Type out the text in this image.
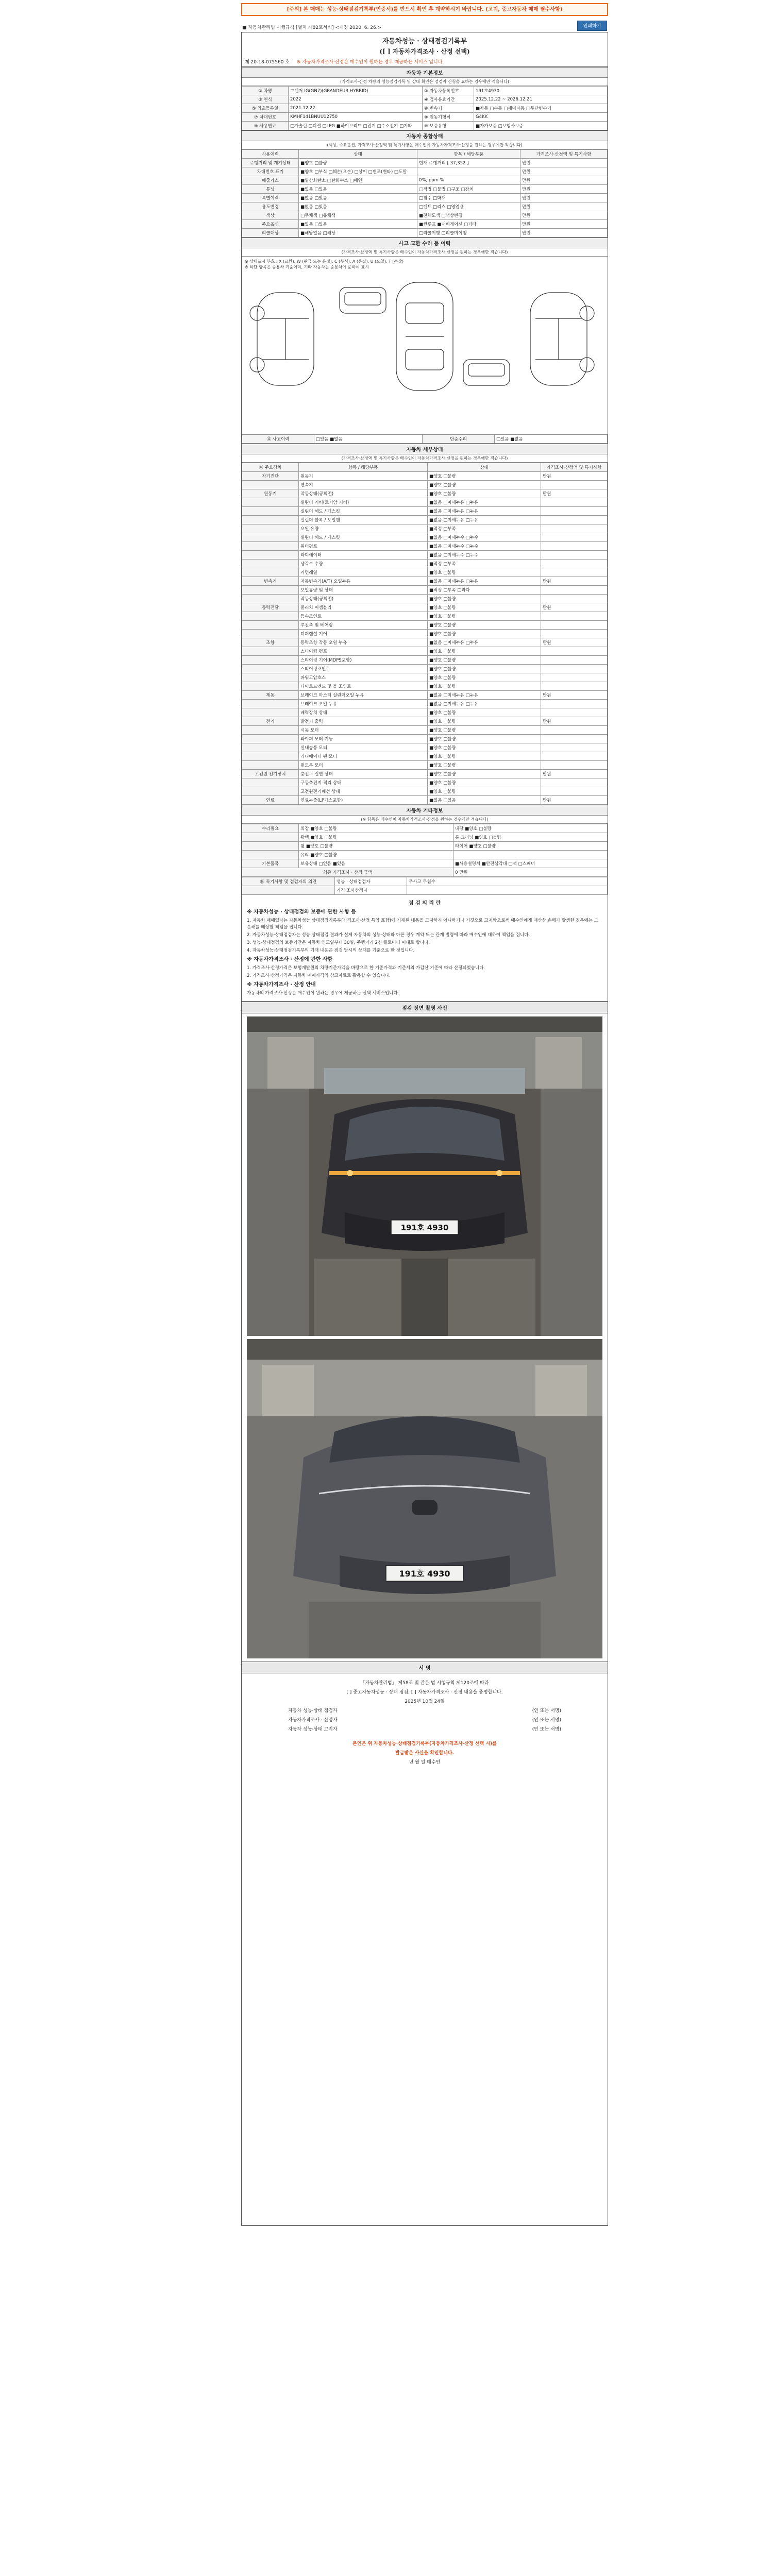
[주의] 본 매매는 성능·상태점검기록부(인증서)를 반드시 확인 후 계약하시기 바랍니다. (고지, 중고자동차 매매 필수사항)
■ 자동차관리법 시행규칙 [별지 제82호서식] <개정 2020. 6. 26.>	인쇄하기
자동차성능 · 상태점검기록부
([ ] 자동차가격조사 · 산정 선택)
제 20-18-075560 호 ※ 자동차가격조사·산정은 매수인이 원하는 경우 제공하는 서비스 입니다.
자동차 기본정보
(가격조사·산정 차량의 성능점검기록 및 상태 확인은 점검자 신청을 요하는 경우에만 적습니다)
① 차명	그랜저 IG(GN7)(GRANDEUR HYBRID)	② 자동차등록번호	191호4930
③ 연식	2022	④ 검사유효기간	2025.12.22 ~ 2026.12.21
⑤ 최초등록일	2021.12.22	⑥ 변속기	■자동 □수동 □세미자동 □무단변속기
⑦ 차대번호	KMHF141BNUU12750	⑧ 원동기형식	G4KK
⑨ 사용연료	□가솔린 □디젤 □LPG ■하이브리드 □전기 □수소전기 □기타	⑩ 보증유형	■자가보증 □보험사보증
자동차 종합상태
(색상, 주요옵션, 가격조사·산정액 및 특기사항은 매수인이 자동차가격조사·산정을 원하는 경우에만 적습니다)
사용이력	상태	항목 / 해당부품	가격조사·산정액 및 특기사항
주행거리 및 계기상태	■양호 □불량	현재 주행거리 [ 37,352 ]	만원
차대번호 표기	■양호 □부식 □훼손(오손) □상이 □변조(변타) □도말		만원
배출가스	■일산화탄소 □탄화수소 □매연	0%, ppm %	만원
튜닝	■없음 □있음	□적법 □불법 □구조 □장치	만원
특별이력	■없음 □있음	□침수 □화재	만원
용도변경	■없음 □있음	□렌트 □리스 □영업용	만원
색상	□무채색 □유채색	■전체도색 □색상변경	만원
주요옵션	■없음 □있음	■썬루프 ■내비게이션 □기타	만원
리콜대상	■해당없음 □해당	□리콜이행 □리콜미이행	만원
사고 교환 수리 등 이력
(가격조사·산정액 및 특기사항은 매수인이 자동차가격조사·산정을 원하는 경우에만 적습니다)
※ 상태표시 부호 : X (교환), W (판금 또는 용접), C (부식), A (흠집), U (요철), T (손상)
※ 하단 항목은 승용차 기준이며, 기타 자동차는 승용차에 준하여 표시
⑫ 사고이력	□있음 ■없음	단순수리	□있음 ■없음
자동차 세부상태
(가격조사·산정액 및 특기사항은 매수인이 자동차가격조사·산정을 원하는 경우에만 적습니다)
⑭ 주요장치	항목 / 해당부품	상태	가격조사·산정액 및 특기사항
자기진단	원동기	■양호 □불량	만원
	변속기	■양호 □불량	
원동기	작동상태(공회전)	■양호 □불량	만원
	실린더 커버(로커암 커버)	■없음 □미세누유 □누유	
	실린더 헤드 / 개스킷	■없음 □미세누유 □누유	
	실린더 블록 / 오일팬	■없음 □미세누유 □누유	
	오일 유량	■적정 □부족	
	실린더 헤드 / 개스킷	■없음 □미세누수 □누수	
	워터펌프	■없음 □미세누수 □누수	
	라디에이터	■없음 □미세누수 □누수	
	냉각수 수량	■적정 □부족	
	커먼레일	■양호 □불량	
변속기	자동변속기(A/T) 오일누유	■없음 □미세누유 □누유	만원
	오일유량 및 상태	■적정 □부족 □과다	
	작동상태(공회전)	■양호 □불량	
동력전달	클러치 어셈블리	■양호 □불량	만원
	등속조인트	■양호 □불량	
	추진축 및 베어링	■양호 □불량	
	디퍼렌셜 기어	■양호 □불량	
조향	동력조향 작동 오일 누유	■없음 □미세누유 □누유	만원
	스티어링 펌프	■양호 □불량	
	스티어링 기어(MDPS포함)	■양호 □불량	
	스티어링조인트	■양호 □불량	
	파워고압호스	■양호 □불량	
	타이로드엔드 및 볼 조인트	■양호 □불량	
제동	브레이크 마스터 실린더오일 누유	■없음 □미세누유 □누유	만원
	브레이크 오일 누유	■없음 □미세누유 □누유	
	배력장치 상태	■양호 □불량	
전기	발전기 출력	■양호 □불량	만원
	시동 모터	■양호 □불량	
	와이퍼 모터 기능	■양호 □불량	
	실내송풍 모터	■양호 □불량	
	라디에이터 팬 모터	■양호 □불량	
	윈도우 모터	■양호 □불량	
고전원 전기장치	충전구 절연 상태	■양호 □불량	만원
	구동축전지 격리 상태	■양호 □불량	
	고전원전기배선 상태	■양호 □불량	
연료	연료누출(LP가스포함)	■없음 □있음	만원
자동차 기타정보
(※ 항목은 매수인이 자동차가격조사·산정을 원하는 경우에만 적습니다)
수리필요	외장 ■양호 □불량	내장 ■양호 □불량
	광택 ■양호 □불량	룸 크리닝 ■양호 □불량
	휠 ■양호 □불량	타이어 ■양호 □불량
	유리 ■양호 □불량	
기본품목	보유상태 □없음 ■있음	■사용설명서 ■안전삼각대 □잭 □스패너
최종 가격조사 · 산정 금액		0 만원
⑯ 특기사항 및 점검자의 의견	성능 · 상태점검자	무사고 무침수
	가격 조사산정자	
점 검 의 뢰 란

※ 자동차성능 · 상태점검의 보증에 관한 사항 등

1. 자동차 매매업자는 자동차성능·상태점검기록부(가격조사·산정 특약 포함)에 기재된 내용을 고지하지 아니하거나 거짓으로 고지함으로써 매수인에게 재산상 손해가 발생한 경우에는 그 손해를 배상할 책임을 집니다.

2. 자동차성능·상태점검자는 성능·상태점검 결과가 실제 자동차의 성능·상태와 다른 경우 계약 또는 관계 법령에 따라 매수인에 대하여 책임을 집니다.

3. 성능·상태점검의 보증기간은 자동차 인도일부터 30일, 주행거리 2천 킬로미터 이내로 합니다.

4. 자동차성능·상태점검기록부의 기재 내용은 점검 당시의 상태를 기준으로 한 것입니다.

※ 자동차가격조사 · 산정에 관한 사항

1. 가격조사·산정가격은 보험개발원의 차량기준가액을 바탕으로 한 기준가격과 기준서의 가감산 기준에 따라 산정되었습니다.

2. 가격조사·산정가격은 자동차 매매가격의 참고자료로 활용할 수 있습니다.

※ 자동차가격조사 · 산정 안내

자동차의 가격조사·산정은 매수인이 원하는 경우에 제공하는 선택 서비스입니다.

점검 장면 촬영 사진
191호 4930
191호 4930
서 명
「자동차관리법」 제58조 및 같은 법 시행규칙 제120조에 따라
[ ] 중고자동차성능 · 상태 점검, [ ] 자동차가격조사 · 산정 내용을 증명합니다.
2025년 10월 24일
자동차 성능·상태 점검자	(인 또는 서명)
자동차가격조사 · 산정자	(인 또는 서명)
자동차 성능·상태 고지자	(인 또는 서명)
본인은 위 자동차성능·상태점검기록부(자동차가격조사·산정 선택 시)를
발급받은 사실을 확인합니다.
년 월 일 매수인
